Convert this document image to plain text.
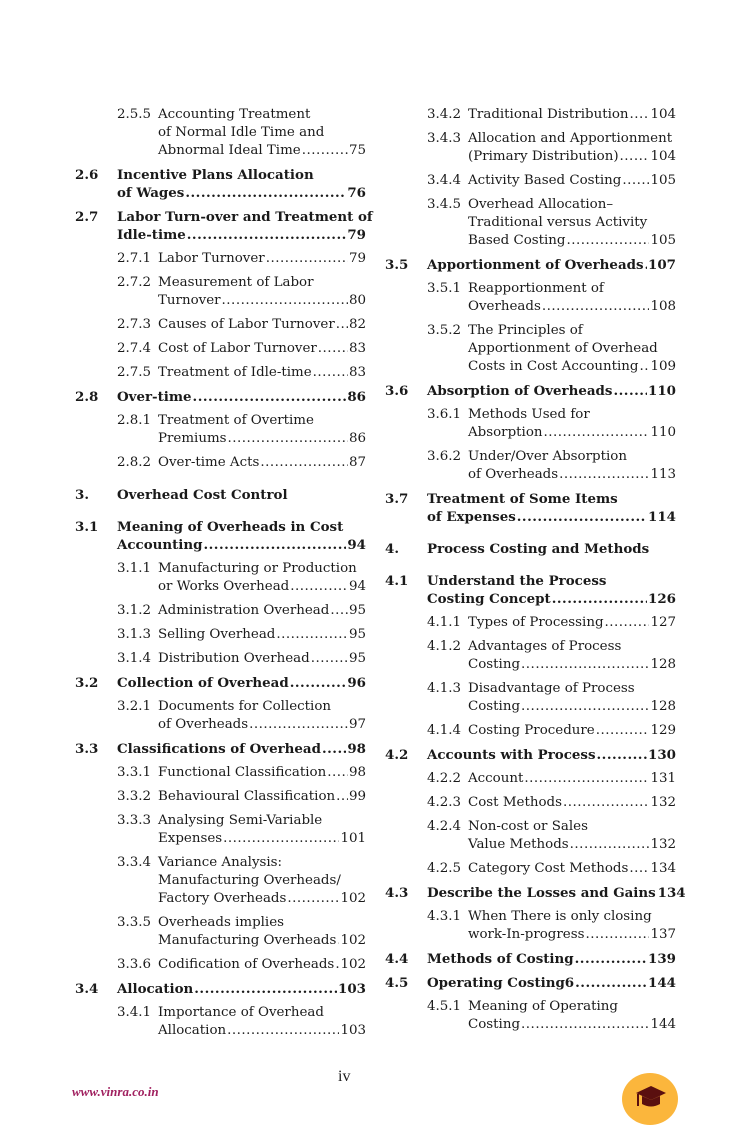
2.5.5 Accounting Treatment
of Normal Idle Time and
Abnormal Ideal Time .....	75
2.6 Incentive Plans Allocation
of Wages .....	76
2.7 Labor Turn-over and Treatment of
Idle-time .....	79
2.7.1 Labor Turnover .....	79
2.7.2 Measurement of Labor
Turnover .....	80
2.7.3 Causes of Labor Turnover ..... 82
2.7.4 Cost of Labor Turnover ..... 83
2.7.5 Treatment of Idle-time .....	83
2.8 Over-time .....	86
2.8.1 Treatment of Overtime
Premiums .....	86
2.8.2 Over-time Acts .....	87
3. Overhead Cost Control
3.1 Meaning of Overheads in Cost
Accounting .....	94
3.1.1 Manufacturing or Production
or Works Overhead .....	94
3.1.2 Administration Overhead ..... 95
3.1.3 Selling Overhead .....	95
3.1.4 Distribution Overhead .....	95
3.2 Collection of Overhead .....	96
3.2.1 Documents for Collection
of Overheads .....	97
3.3 Classifications of Overhead ..... 98
3.3.1 Functional Classification ..... 98
3.3.2 Behavioural Classification ..... 99
3.3.3 Analysing Semi-Variable
Expenses .....	101
3.3.4 Variance Analysis:
Manufacturing Overheads/
Factory Overheads .....	102
3.3.5 Overheads implies
Manufacturing Overheads ..... 102
3.3.6 Codification of Overheads ..... 102
3.4 Allocation .....	103
3.4.1 Importance of Overhead
Allocation .....	103
3.4.2 Traditional Distribution ..... 104
3.4.3 Allocation and Apportionment
(Primary Distribution) ..... 104
3.4.4 Activity Based Costing ..... 105
3.4.5 Overhead Allocation–
Traditional versus Activity
Based Costing .....	105
3.5 Apportionment of Overheads ..... 107
3.5.1 Reapportionment of
Overheads .....	108
3.5.2 The Principles of
Apportionment of Overhead
Costs in Cost Accounting ..... 109
3.6 Absorption of Overheads .....	110
3.6.1 Methods Used for
Absorption .....	110
3.6.2 Under/Over Absorption
of Overheads .....	113
3.7 Treatment of Some Items
of Expenses .....	114
4. Process Costing and Methods
4.1 Understand the Process
Costing Concept .....	126
4.1.1 Types of Processing .....	127
4.1.2 Advantages of Process
Costing .....	128
4.1.3 Disadvantage of Process
Costing .....	128
4.1.4 Costing Procedure .....	129
4.2 Accounts with Process .....	130
4.2.2 Account .....	131
4.2.3 Cost Methods .....	132
4.2.4 Non-cost or Sales
Value Methods .....	132
4.2.5 Category Cost Methods ..... 134
4.3 Describe the Losses and Gains 134
4.3.1 When There is only closing
work-In-progress .....	137
4.4 Methods of Costing .....	139
4.5 Operating Costing6 .....	144
4.5.1 Meaning of Operating
Costing .....	144
iv
www.vinra.co.in
